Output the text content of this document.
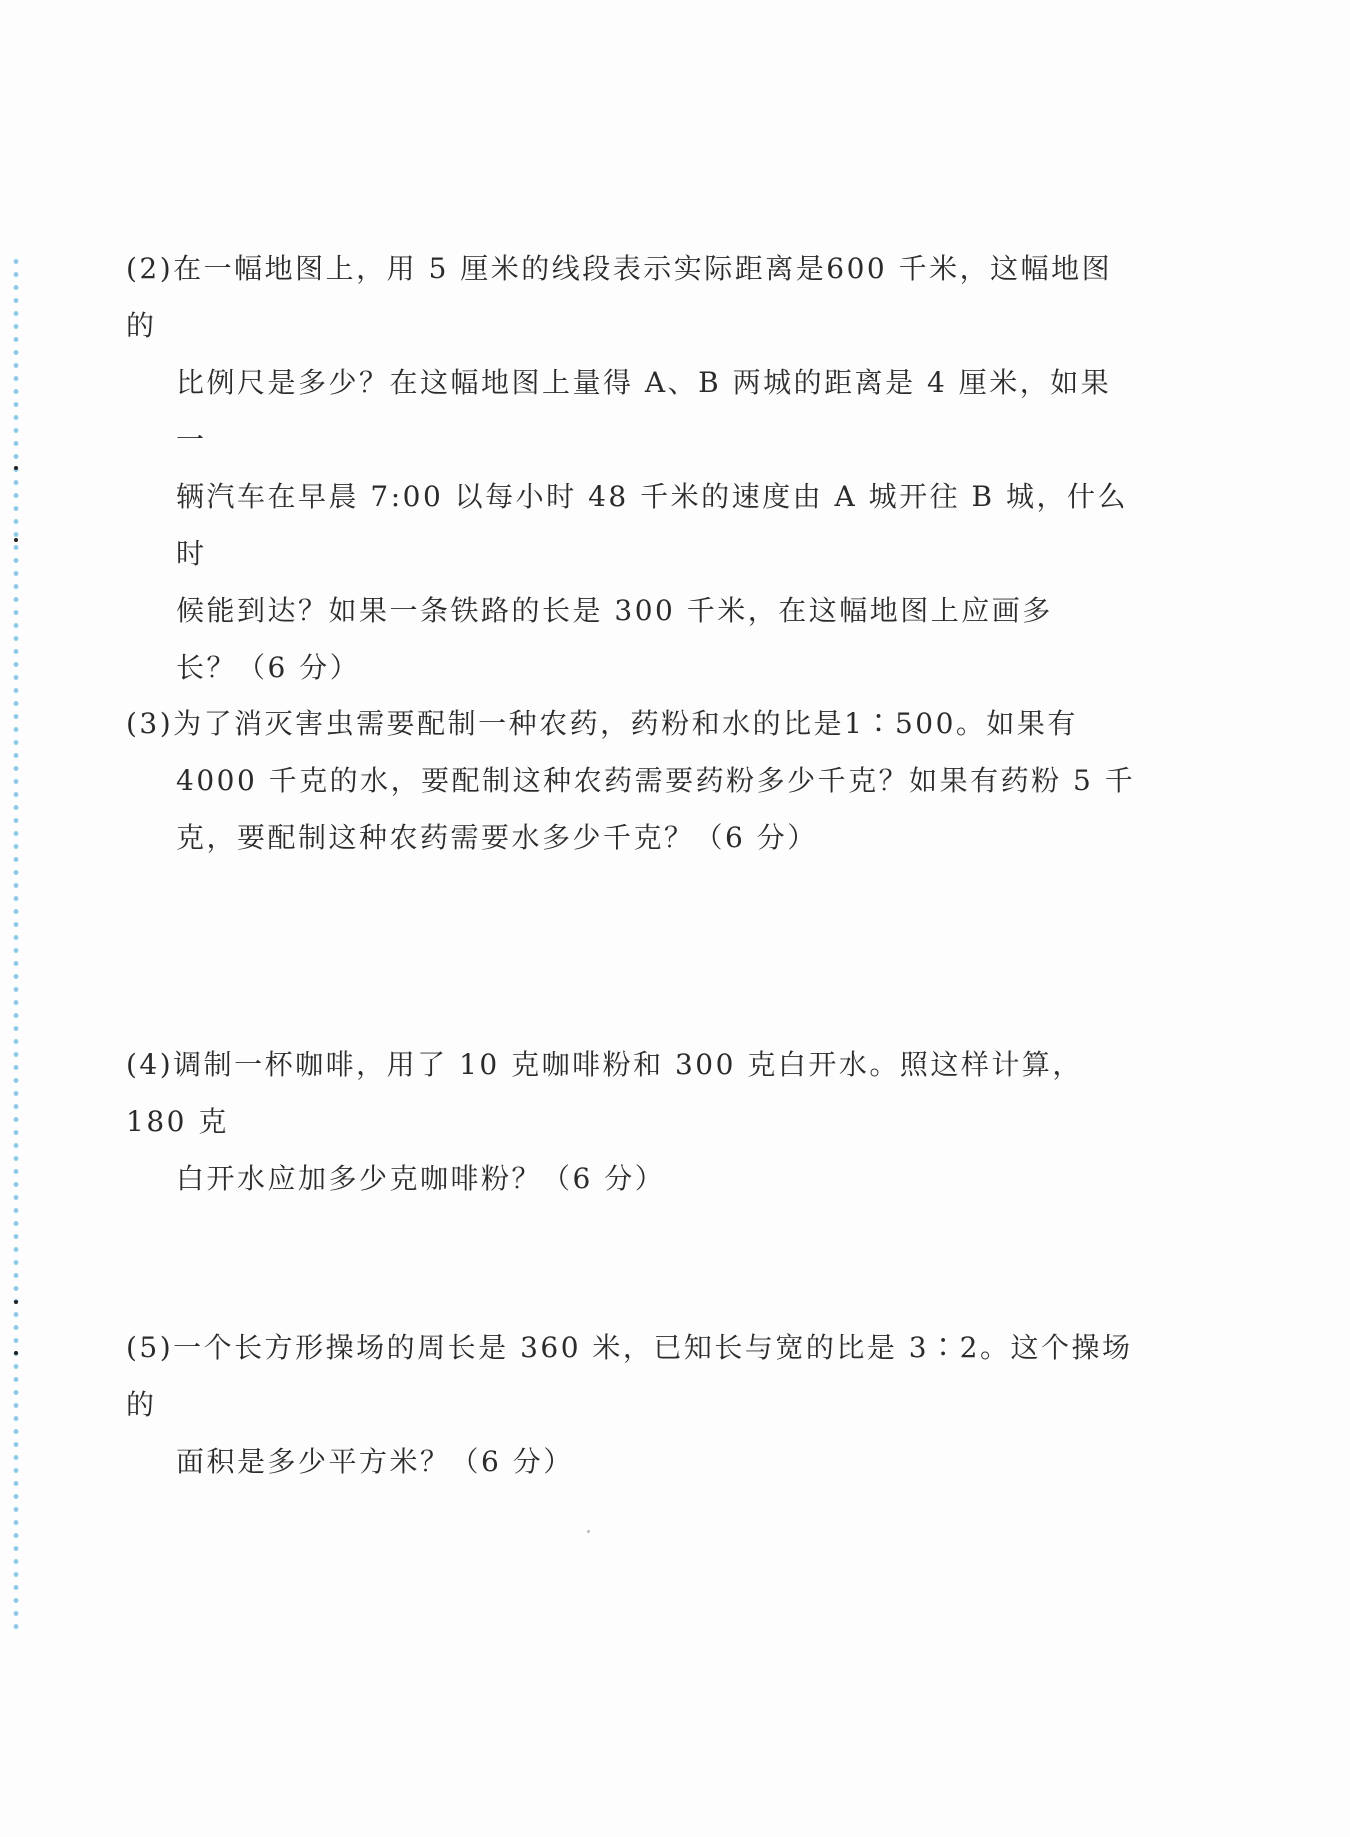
(2)在一幅地图上，用 5 厘米的线段表示实际距离是600 千米，这幅地图的

比例尺是多少？在这幅地图上量得 A、B 两城的距离是 4 厘米，如果一

辆汽车在早晨 7:00 以每小时 48 千米的速度由 A 城开往 B 城，什么时

候能到达？如果一条铁路的长是 300 千米，在这幅地图上应画多

长？（6 分）

(3)为了消灭害虫需要配制一种农药，药粉和水的比是1∶500。如果有

4000 千克的水，要配制这种农药需要药粉多少千克？如果有药粉 5 千

克，要配制这种农药需要水多少千克？（6 分）

(4)调制一杯咖啡，用了 10 克咖啡粉和 300 克白开水。照这样计算，180 克

白开水应加多少克咖啡粉？（6 分）

(5)一个长方形操场的周长是 360 米，已知长与宽的比是 3∶2。这个操场的

面积是多少平方米？（6 分）
